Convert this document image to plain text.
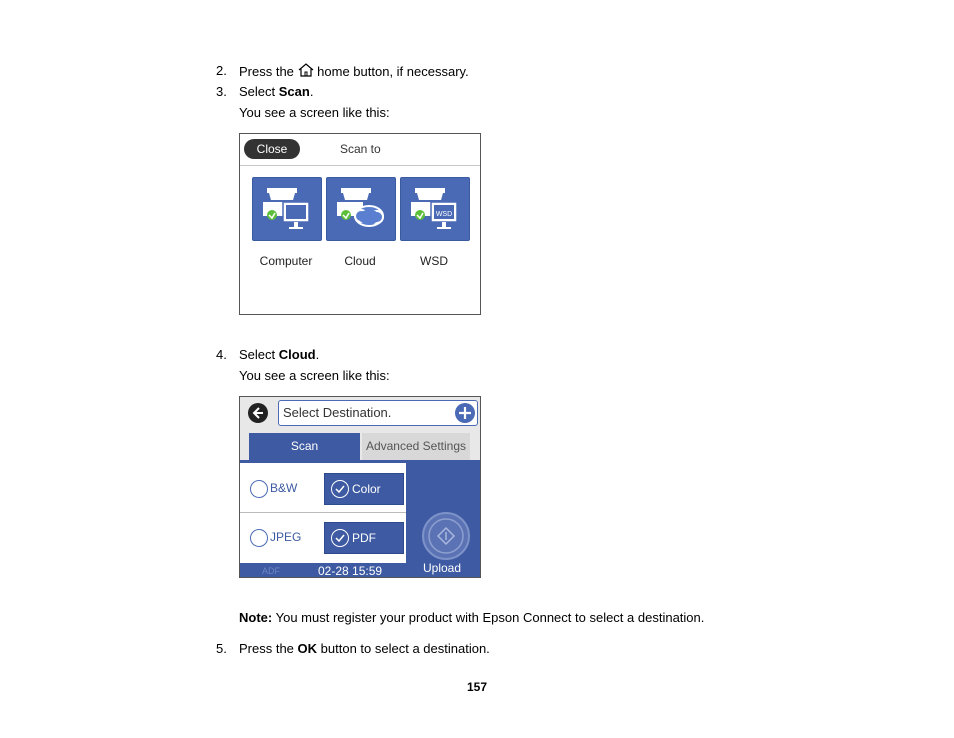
2. Press the home button, if necessary.
3. Select Scan.
You see a screen like this:
Close	Scan to
WSD
Computer	Cloud	WSD
4. Select Cloud.
You see a screen like this:
Select Destination.
Scan	Advanced Settings
B&W	Color
JPEG	PDF
ADF	02-28 15:59	Upload
Note: You must register your product with Epson Connect to select a destination.
5. Press the OK button to select a destination.
157
